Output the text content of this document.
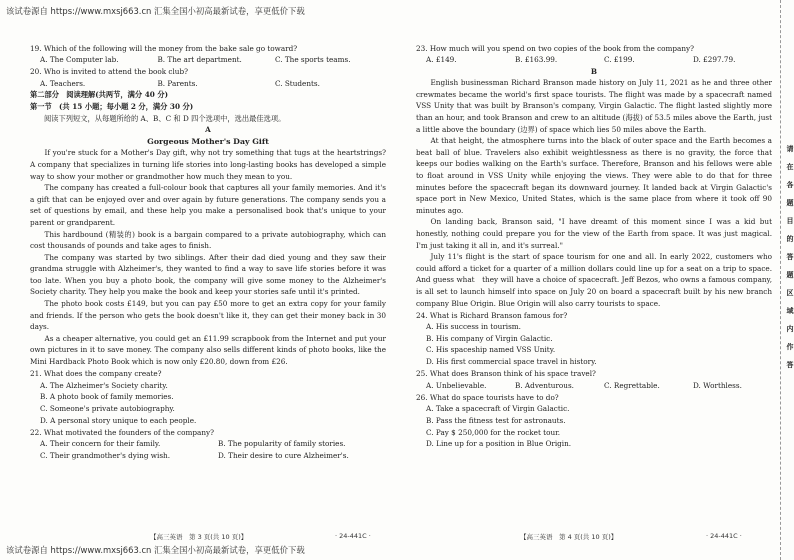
该试卷源自 https://www.mxsj663.cn 汇集全国小初高最新试卷，享更低价下载
19. Which of the following will the money from the bake sale go toward?
A. The Computer lab.	B. The art department.	C. The sports teams.
20. Who is invited to attend the book club?
A. Teachers.	B. Parents.	C. Students.
第二部分　阅读理解(共两节，满分 40 分)
第一节　(共 15 小题；每小题 2 分，满分 30 分)
阅读下列短文，从每题所给的 A、B、C 和 D 四个选项中，选出最佳选项。
A
Gorgeous Mother's Day Gift
If you're stuck for a Mother's Day gift, why not try something that tugs at the heartstrings? A company that specializes in turning life stories into long-lasting books has developed a simple way to show your mother or grandmother how much they mean to you.
The company has created a full-colour book that captures all your family memories. And it's a gift that can be enjoyed over and over again by future generations. The company sends you a set of questions by email, and these help you make a personalised book that's unique to your parent or grandparent.
This hardbound (精装的) book is a bargain compared to a private autobiography, which can cost thousands of pounds and take ages to finish.
The company was started by two siblings. After their dad died young and they saw their grandma struggle with Alzheimer's, they wanted to find a way to save life stories before it was too late. When you buy a photo book, the company will give some money to the Alzheimer's Society charity. They help you make the book and keep your stories safe until it's printed.
The photo book costs £149, but you can pay £50 more to get an extra copy for your family and friends. If the person who gets the book doesn't like it, they can get their money back in 30 days.
As a cheaper alternative, you could get an £11.99 scrapbook from the Internet and put your own pictures in it to save money. The company also sells different kinds of photo books, like the Mini Hardback Photo Book which is now only £20.80, down from £26.
21. What does the company create?
A. The Alzheimer's Society charity.
B. A photo book of family memories.
C. Someone's private autobiography.
D. A personal story unique to each people.
22. What motivated the founders of the company?
A. Their concern for their family.	B. The popularity of family stories.
C. Their grandmother's dying wish.	D. Their desire to cure Alzheimer's.
【高三英语　第 3 页(共 10 页)】	· 24-441C ·
23. How much will you spend on two copies of the book from the company?
A. £149.	B. £163.99.	C. £199.	D. £297.79.
B
English businessman Richard Branson made history on July 11, 2021 as he and three other crewmates became the world's first space tourists. The flight was made by a spacecraft named VSS Unity that was built by Branson's company, Virgin Galactic. The flight lasted slightly more than an hour, and took Branson and crew to an altitude (海拔) of 53.5 miles above the Earth, just a little above the boundary (边界) of space which lies 50 miles above the Earth.
At that height, the atmosphere turns into the black of outer space and the Earth becomes a beat ball of blue. Travelers also exhibit weightlessness as there is no gravity, the force that keeps our bodies walking on the Earth's surface. Therefore, Branson and his fellows were able to float around in VSS Unity while enjoying the views. They were able to do that for three minutes before the spacecraft began its downward journey. It landed back at Virgin Galactic's space port in New Mexico, United States, which is the same place from where it took off 90 minutes ago.
On landing back, Branson said, "I have dreamt of this moment since I was a kid but honestly, nothing could prepare you for the view of the Earth from space. It was just magical. I'm just taking it all in, and it's surreal."
July 11's flight is the start of space tourism for one and all. In early 2022, customers who could afford a ticket for a quarter of a million dollars could line up for a seat on a trip to space. And guess what　they will have a choice of spacecraft. Jeff Bezos, who owns a famous company, is all set to launch himself into space on July 20 on board a spacecraft built by his new branch company Blue Origin. Blue Origin will also carry tourists to space.
24. What is Richard Branson famous for?
A. His success in tourism.
B. His company of Virgin Galactic.
C. His spaceship named VSS Unity.
D. His first commercial space travel in history.
25. What does Branson think of his space travel?
A. Unbelievable.	B. Adventurous.	C. Regrettable.	D. Worthless.
26. What do space tourists have to do?
A. Take a spacecraft of Virgin Galactic.
B. Pass the fitness test for astronauts.
C. Pay $ 250,000 for the rocket tour.
D. Line up for a position in Blue Origin.
【高三英语　第 4 页(共 10 页)】	· 24-441C ·
请
在
各
题
目
的
答
题
区
域
内
作
答
该试卷源自 https://www.mxsj663.cn 汇集全国小初高最新试卷，享更低价下载
